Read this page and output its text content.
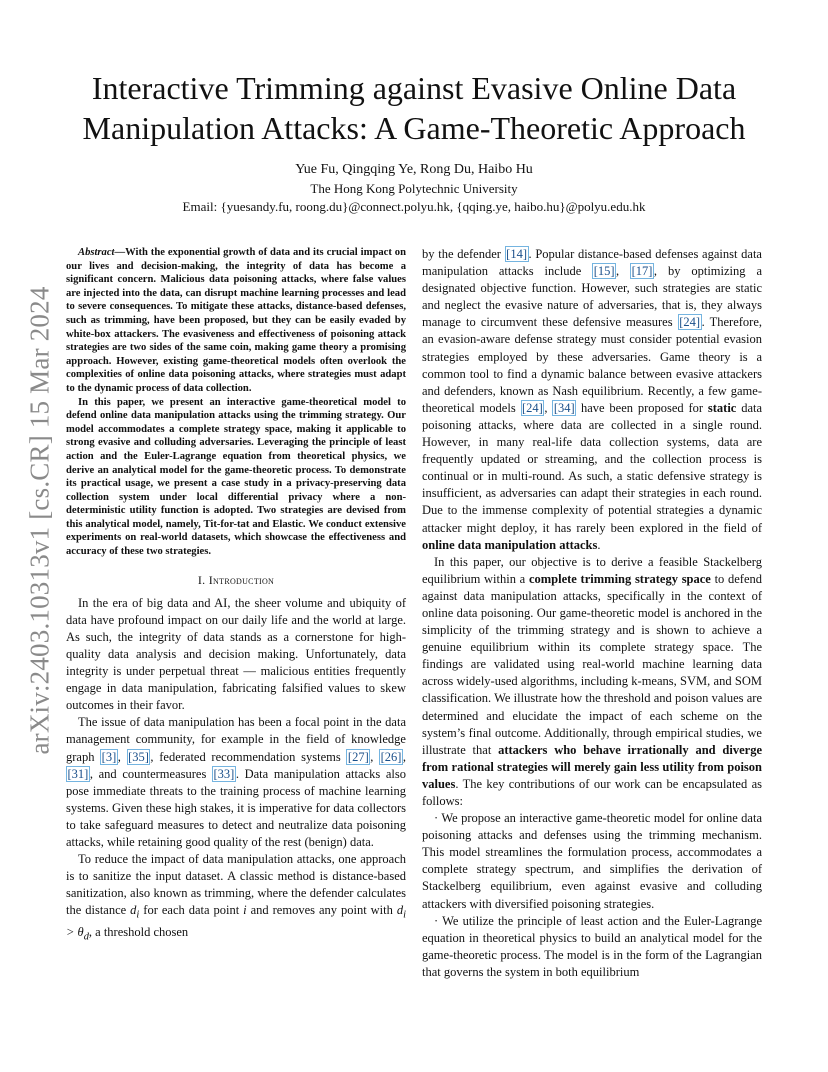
arXiv:2403.10313v1 [cs.CR] 15 Mar 2024
Interactive Trimming against Evasive Online Data Manipulation Attacks: A Game-Theoretic Approach
Yue Fu, Qingqing Ye, Rong Du, Haibo Hu
The Hong Kong Polytechnic University
Email: {yuesandy.fu, roong.du}@connect.polyu.hk, {qqing.ye, haibo.hu}@polyu.edu.hk

Abstract—With the exponential growth of data and its crucial impact on our lives and decision-making, the integrity of data has become a significant concern. Malicious data poisoning attacks, where false values are injected into the data, can disrupt machine learning processes and lead to severe consequences. To mitigate these attacks, distance-based defenses, such as trimming, have been proposed, but they can be easily evaded by white-box attackers. The evasiveness and effectiveness of poisoning attack strategies are two sides of the same coin, making game theory a promising approach. However, existing game-theoretical models often overlook the complexities of online data poisoning attacks, where strategies must adapt to the dynamic process of data collection.

In this paper, we present an interactive game-theoretical model to defend online data manipulation attacks using the trimming strategy. Our model accommodates a complete strategy space, making it applicable to strong evasive and colluding adversaries. Leveraging the principle of least action and the Euler-Lagrange equation from theoretical physics, we derive an analytical model for the game-theoretic process. To demonstrate its practical usage, we present a case study in a privacy-preserving data collection system under local differential privacy where a non-deterministic utility function is adopted. Two strategies are devised from this analytical model, namely, Tit-for-tat and Elastic. We conduct extensive experiments on real-world datasets, which showcase the effectiveness and accuracy of these two strategies.

I. Introduction

In the era of big data and AI, the sheer volume and ubiquity of data have profound impact on our daily life and the world at large. As such, the integrity of data stands as a cornerstone for high-quality data analysis and decision making. Unfortunately, data integrity is under perpetual threat — malicious entities frequently engage in data manipulation, fabricating falsified values to skew outcomes in their favor.

The issue of data manipulation has been a focal point in the data management community, for example in the field of knowledge graph [3] , [35] , federated recommendation systems [27] , [26] , [31] , and countermeasures [33] . Data manipulation attacks also pose immediate threats to the training process of machine learning systems. Given these high stakes, it is imperative for data collectors to take safeguard measures to detect and neutralize data poisoning attacks, while retaining good quality of the rest (benign) data.

To reduce the impact of data manipulation attacks, one approach is to sanitize the input dataset. A classic method is distance-based sanitization, also known as trimming, where the defender calculates the distance $d_i$ for each data point i and removes any point with $d_i > \theta_d$, a threshold chosen

by the defender [14] . Popular distance-based defenses against data manipulation attacks include [15] , [17] , by optimizing a designated objective function. However, such strategies are static and neglect the evasive nature of adversaries, that is, they always manage to circumvent these defensive measures [24] . Therefore, an evasion-aware defense strategy must consider potential evasion strategies employed by these adversaries. Game theory is a common tool to find a dynamic balance between evasive attackers and defenders, known as Nash equilibrium. Recently, a few game-theoretical models [24] , [34] have been proposed for static data poisoning attacks, where data are collected in a single round. However, in many real-life data collection systems, data are frequently updated or streaming, and the collection process is continual or in multi-round. As such, a static defensive strategy is insufficient, as adversaries can adapt their strategies in each round. Due to the immense complexity of potential strategies a dynamic attacker might deploy, it has rarely been explored in the field of online data manipulation attacks.

In this paper, our objective is to derive a feasible Stackelberg equilibrium within a complete trimming strategy space to defend against data manipulation attacks, specifically in the context of online data poisoning. Our game-theoretic model is anchored in the simplicity of the trimming strategy and is shown to achieve a genuine equilibrium within its complete strategy space. The findings are validated using real-world machine learning data across widely-used algorithms, including k-means, SVM, and SOM classification. We illustrate how the threshold and poison values are determined and elucidate the impact of each scheme on the system’s final outcome. Additionally, through empirical studies, we illustrate that attackers who behave irrationally and diverge from rational strategies will merely gain less utility from poison values. The key contributions of our work can be encapsulated as follows:

· We propose an interactive game-theoretic model for online data poisoning attacks and defenses using the trimming mechanism. This model streamlines the formulation process, accommodates a complete strategy spectrum, and simplifies the derivation of Stackelberg equilibrium, even against evasive and colluding attackers with diversified poisoning strategies.

· We utilize the principle of least action and the Euler-Lagrange equation in theoretical physics to build an analytical model for the game-theoretic process. The model is in the form of the Lagrangian that governs the system in both equilibrium
